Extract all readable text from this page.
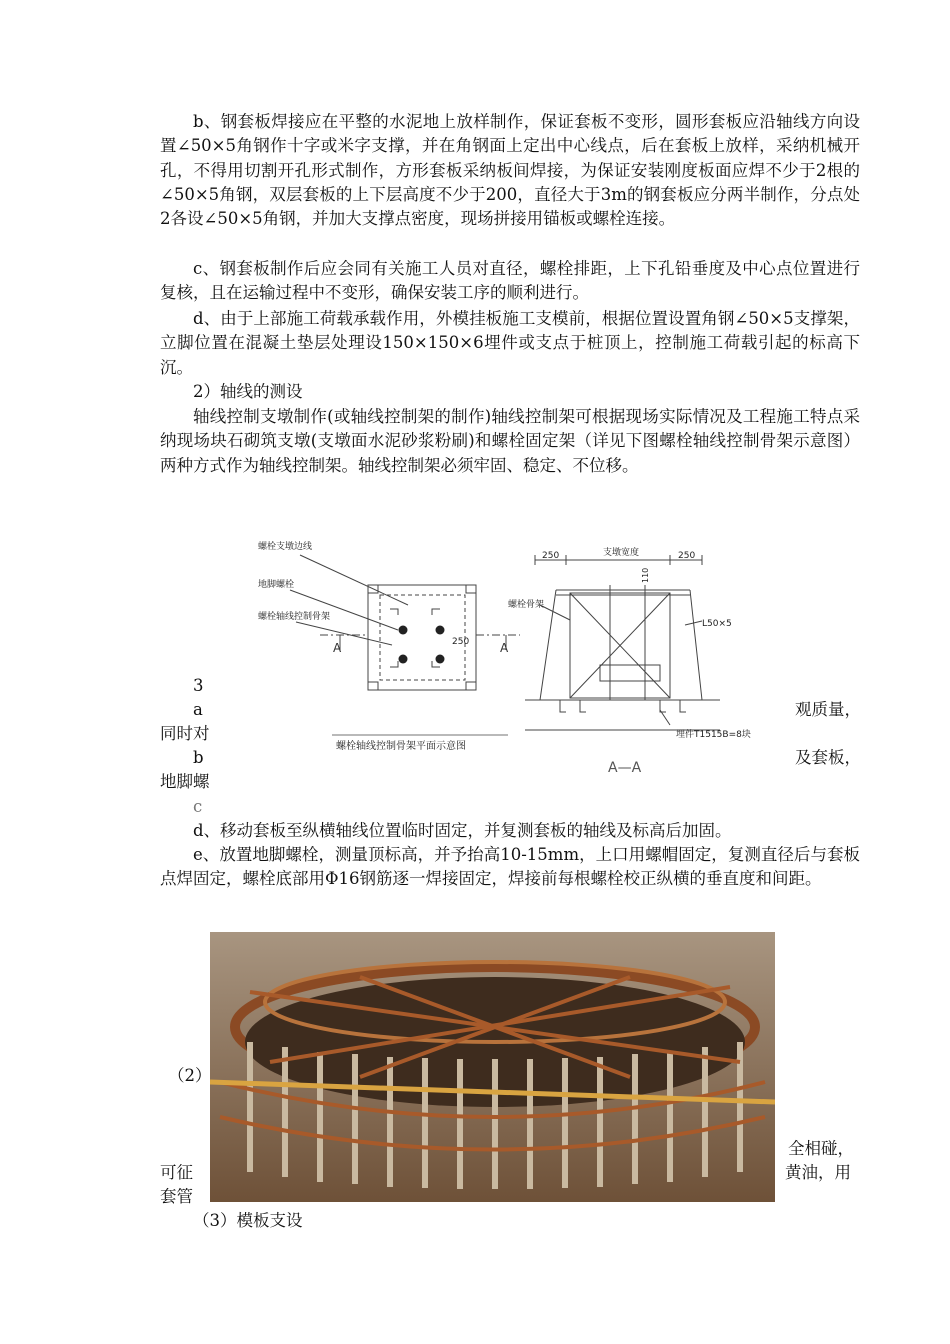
b、钢套板焊接应在平整的水泥地上放样制作，保证套板不变形，圆形套板应沿轴线方向设置∠50×5角钢作十字或米字支撑，并在角钢面上定出中心线点，后在套板上放样，采纳机械开孔，不得用切割开孔形式制作，方形套板采纳板间焊接，为保证安装刚度板面应焊不少于2根的∠50×5角钢，双层套板的上下层高度不少于200，直径大于3m的钢套板应分两半制作，分点处2各设∠50×5角钢，并加大支撑点密度，现场拼接用锚板或螺栓连接。

c、钢套板制作后应会同有关施工人员对直径，螺栓排距，上下孔铅垂度及中心点位置进行复核，且在运输过程中不变形，确保安装工序的顺利进行。

d、由于上部施工荷载承载作用，外模挂板施工支模前，根据位置设置角钢∠50×5支撑架，立脚位置在混凝土垫层处理设150×150×6埋件或支点于桩顶上，控制施工荷载引起的标高下沉。

2）轴线的测设

轴线控制支墩制作(或轴线控制架的制作)轴线控制架可根据现场实际情况及工程施工特点采纳现场块石砌筑支墩(支墩面水泥砂浆粉刷)和螺栓固定架（详见下图螺栓轴线控制骨架示意图）两种方式作为轴线控制架。轴线控制架必须牢固、稳定、不位移。

3
a	观质量，
同时对
b	及套板，
地脚螺
螺栓支墩边线
地脚螺栓
螺栓轴线控制骨架
250
A	A
螺栓轴线控制骨架平面示意图
250	支墩宽度	250
110
螺栓骨架
L50×5
埋件T1515B=8块
A—A
c

d、移动套板至纵横轴线位置临时固定，并复测套板的轴线及标高后加固。

e、放置地脚螺栓，测量顶标高，并予抬高10-15mm，上口用螺帽固定，复测直径后与套板点焊固定，螺栓底部用Φ16钢筋逐一焊接固定，焊接前每根螺栓校正纵横的垂直度和间距。

（2）
全相碰，
可征	黄油，用
套管

（3）模板支设
